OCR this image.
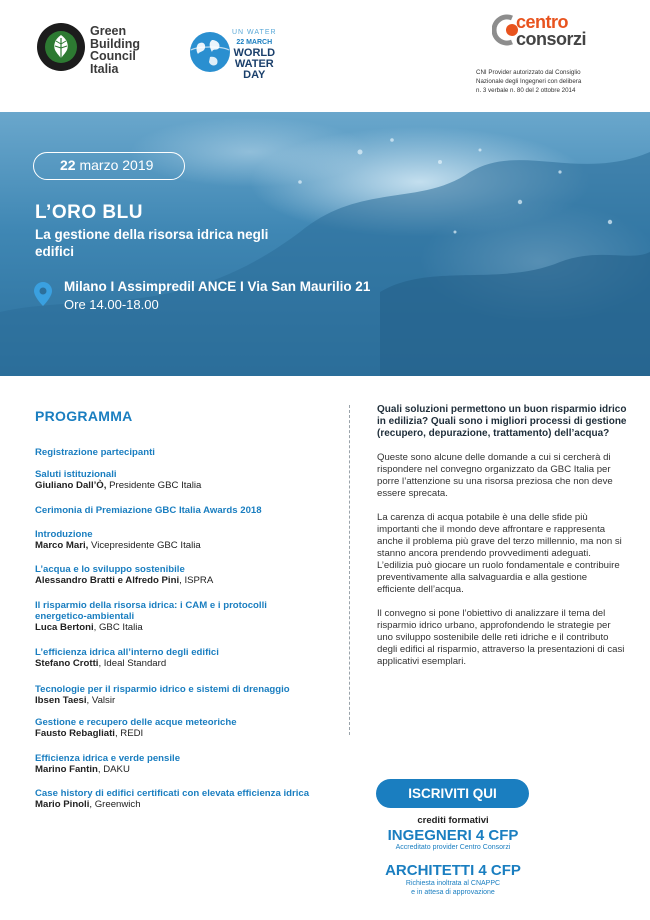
Green
Building
Council
Italia
UN WATER
22 MARCH
WORLD
WATER
DAY
centro
consorzi
CNI Provider autorizzato dal Consiglio
Nazionale degli Ingegneri con delibera
n. 3 verbale n. 80 del 2 ottobre 2014
22 marzo 2019
L’ORO BLU
La gestione della risorsa idrica negli edifici
Milano I Assimpredil ANCE I Via San Maurilio 21
Ore 14.00-18.00
PROGRAMMA
Registrazione partecipanti
Saluti istituzionali
Giuliano Dall’Ò, Presidente GBC Italia
Cerimonia di Premiazione GBC Italia Awards 2018
Introduzione
Marco Mari, Vicepresidente GBC Italia
L’acqua e lo sviluppo sostenibile
Alessandro Bratti e Alfredo Pini, ISPRA
Il risparmio della risorsa idrica: i CAM e i protocolli
energetico-ambientali
Luca Bertoni, GBC Italia
L’efficienza idrica all’interno degli edifici
Stefano Crotti, Ideal Standard
Tecnologie per il risparmio idrico e sistemi di drenaggio
Ibsen Taesi, Valsir
Gestione e recupero delle acque meteoriche
Fausto Rebagliati, REDI
Efficienza idrica e verde pensile
Marino Fantin, DAKU
Case history di edifici certificati con elevata efficienza idrica
Mario Pinoli, Greenwich
Quali soluzioni permettono un buon risparmio idrico in edilizia? Quali sono i migliori processi di gestione (recupero, depurazione, trattamento) dell’acqua?
Queste sono alcune delle domande a cui si cercherà di rispondere nel convegno organizzato da GBC Italia per porre l’attenzione su una risorsa preziosa che non deve essere sprecata.
La carenza di acqua potabile è una delle sfide più importanti che il mondo deve affrontare e rappresenta anche il problema più grave del terzo millennio, ma non si stanno ancora prendendo provvedimenti adeguati. L’edilizia può giocare un ruolo fondamentale e contribuire preventivamente alla salvaguardia e alla gestione efficiente dell’acqua.
Il convegno si pone l’obiettivo di analizzare il tema del risparmio idrico urbano, approfondendo le strategie per uno sviluppo sostenibile delle reti idriche e il contributo degli edifici al risparmio, attraverso la presentazioni di casi applicativi esemplari.
ISCRIVITI QUI
crediti formativi
INGEGNERI 4 CFP
Accreditato provider Centro Consorzi
ARCHITETTI 4 CFP
Richiesta inoltrata al CNAPPC
e in attesa di approvazione
